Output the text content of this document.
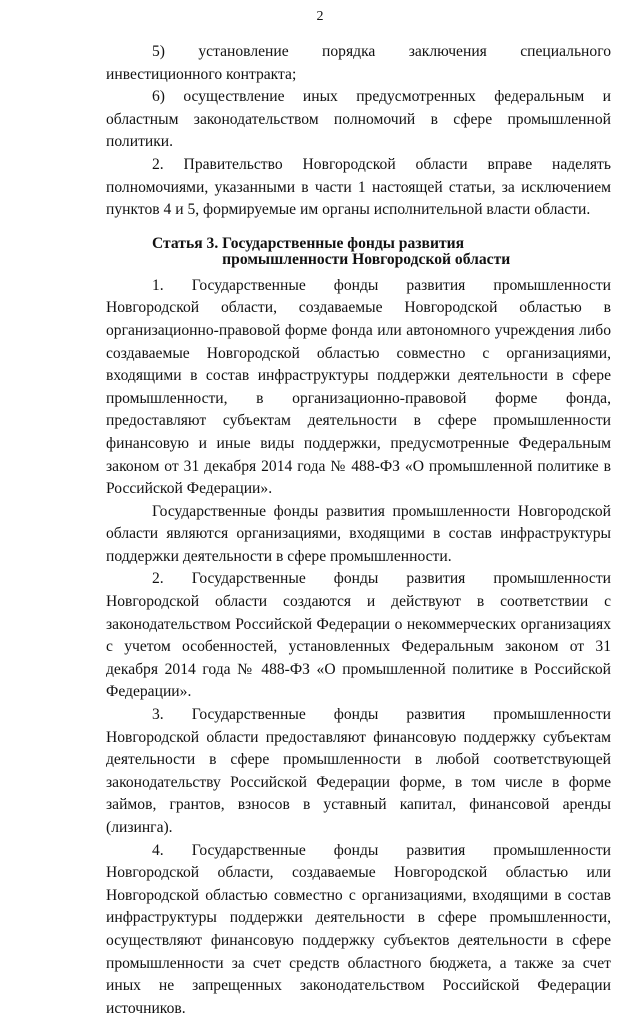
2

5) установление порядка заключения специального инвестиционного контракта;

6) осуществление иных предусмотренных федеральным и областным законодательством полномочий в сфере промышленной политики.

2. Правительство Новгородской области вправе наделять полномочиями, указанными в части 1 настоящей статьи, за исключением пунктов 4 и 5, формируемые им органы исполнительной власти области.

Статья 3. Государственные фонды развития промышленности Новгородской области

1. Государственные фонды развития промышленности Новгородской области, создаваемые Новгородской областью в организационно-правовой форме фонда или автономного учреждения либо создаваемые Новгородской областью совместно с организациями, входящими в состав инфраструктуры поддержки деятельности в сфере промышленности, в организационно-правовой форме фонда, предоставляют субъектам деятельности в сфере промышленности финансовую и иные виды поддержки, предусмотренные Федеральным законом от 31 декабря 2014 года № 488-ФЗ «О промышленной политике в Российской Федерации».

Государственные фонды развития промышленности Новгородской области являются организациями, входящими в состав инфраструктуры поддержки деятельности в сфере промышленности.

2. Государственные фонды развития промышленности Новгородской области создаются и действуют в соответствии с законодательством Российской Федерации о некоммерческих организациях с учетом особенностей, установленных Федеральным законом от 31 декабря 2014 года № 488-ФЗ «О промышленной политике в Российской Федерации».

3. Государственные фонды развития промышленности Новгородской области предоставляют финансовую поддержку субъектам деятельности в сфере промышленности в любой соответствующей законодательству Российской Федерации форме, в том числе в форме займов, грантов, взносов в уставный капитал, финансовой аренды (лизинга).

4. Государственные фонды развития промышленности Новгородской области, создаваемые Новгородской областью или Новгородской областью совместно с организациями, входящими в состав инфраструктуры поддержки деятельности в сфере промышленности, осуществляют финансовую поддержку субъектов деятельности в сфере промышленности за счет средств областного бюджета, а также за счет иных не запрещенных законодательством Российской Федерации источников.
